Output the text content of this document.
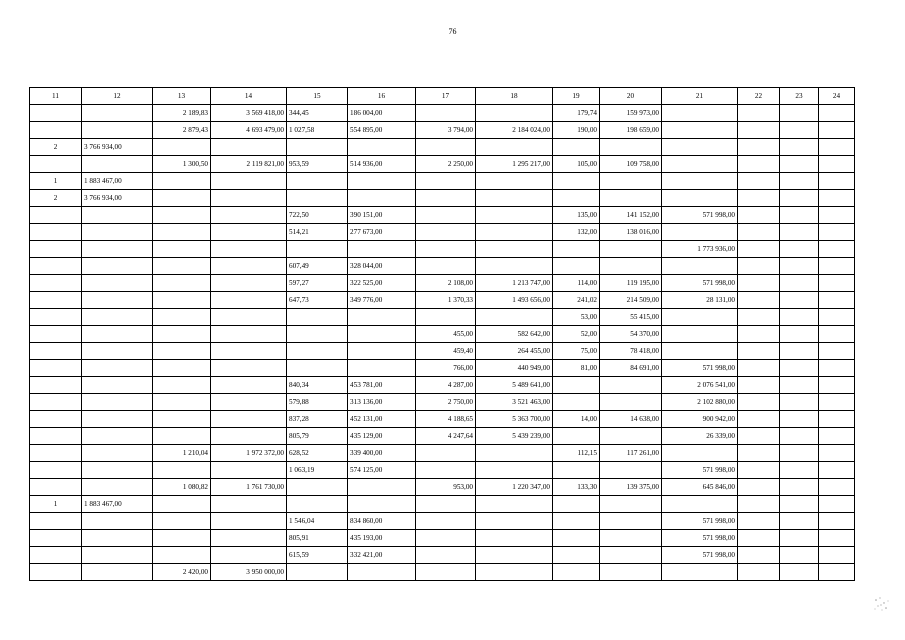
76
11	12	13	14	15	16	17	18	19	20	21	22	23	24
		2 189,83	3 569 418,00	344,45	186 004,00			179,74	159 973,00				
		2 879,43	4 693 479,00	1 027,58	554 895,00	3 794,00	2 184 024,00	190,00	198 659,00				
2	3 766 934,00												
		1 300,50	2 119 821,00	953,59	514 936,00	2 250,00	1 295 217,00	105,00	109 758,00				
1	1 883 467,00												
2	3 766 934,00												
				722,50	390 151,00			135,00	141 152,00	571 998,00			
				514,21	277 673,00			132,00	138 016,00				
										1 773 936,00			
				607,49	328 044,00								
				597,27	322 525,00	2 108,00	1 213 747,00	114,00	119 195,00	571 998,00			
				647,73	349 776,00	1 370,33	1 493 656,00	241,02	214 509,00	28 131,00			
								53,00	55 415,00				
						455,00	582 642,00	52,00	54 370,00				
						459,40	264 455,00	75,00	78 418,00				
						766,00	440 949,00	81,00	84 691,00	571 998,00			
				840,34	453 781,00	4 287,00	5 489 641,00			2 076 541,00			
				579,88	313 136,00	2 750,00	3 521 463,00			2 102 880,00			
				837,28	452 131,00	4 188,65	5 363 700,00	14,00	14 638,00	900 942,00			
				805,79	435 129,00	4 247,64	5 439 239,00			26 339,00			
		1 210,04	1 972 372,00	628,52	339 400,00			112,15	117 261,00				
				1 063,19	574 125,00					571 998,00			
		1 080,82	1 761 730,00			953,00	1 220 347,00	133,30	139 375,00	645 846,00			
1	1 883 467,00												
				1 546,04	834 860,00					571 998,00			
				805,91	435 193,00					571 998,00			
				615,59	332 421,00					571 998,00			
		2 420,00	3 950 000,00										
